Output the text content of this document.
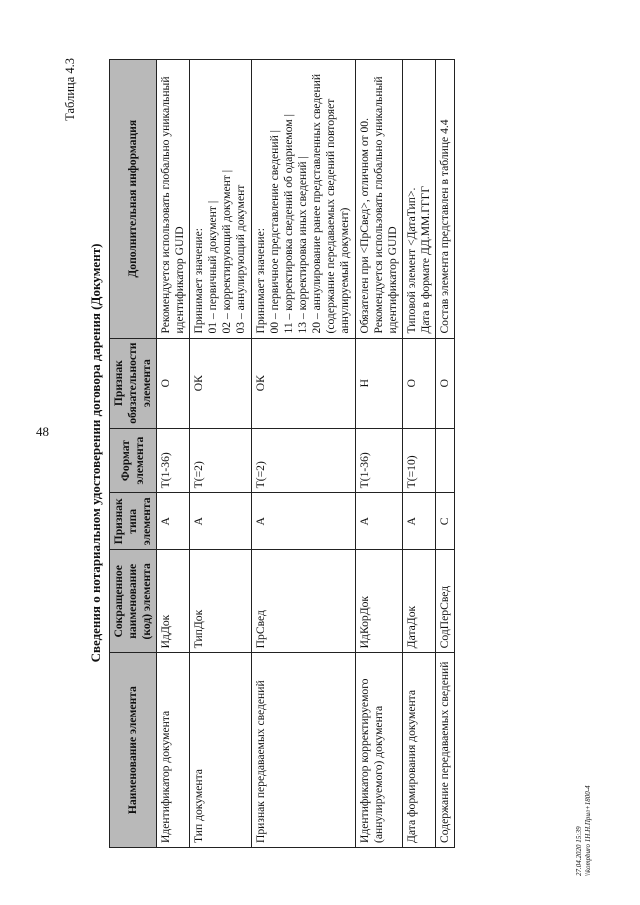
48
Таблица 4.3
Сведения о нотариальном удостоверении договора дарения (Документ)
Наименование элемента	Сокращенное наименование (код) элемента	Признак типа элемента	Формат элемента	Признак обязательности элемента	Дополнительная информация
Идентификатор документа	ИдДок	А	T(1-36)	О	Рекомендуется использовать глобально уникальный идентификатор GUID

Тип документа	ТипДок	А	T(=2)	ОК	Принимает значение: 01 – первичный документ | 02 – корректирующий документ | 03 – аннулирующий документ

Признак передаваемых сведений	ПрСвед	А	T(=2)	ОК	Принимает значение: 00 – первичное представление сведений | 11 – корректировка сведений об одариемом | 13 – корректировка иных сведений | 20 – аннулирование ранее представленных сведений (содержание передаваемых сведений повторяет аннулируемый документ)

Идентификатор корректируемого (аннулируемого) документа	ИдКорДок	А	T(1-36)	Н	Обязателен при <ПрСвед>, отличном от 00. Рекомендуется использовать глобально уникальный идентификатор GUID

Дата формирования документа	ДатаДок	А	T(=10)	О	Типовой элемент <ДатаТип>. Дата в формате ДД.ММ.ГГГГ

Содержание передаваемых сведений	СодПерСвед	С		О	Состав элемента представлен в таблице 4.4
27.04.2020 15:39 \\kompburo 1Н.Н.Прил+1800-4
